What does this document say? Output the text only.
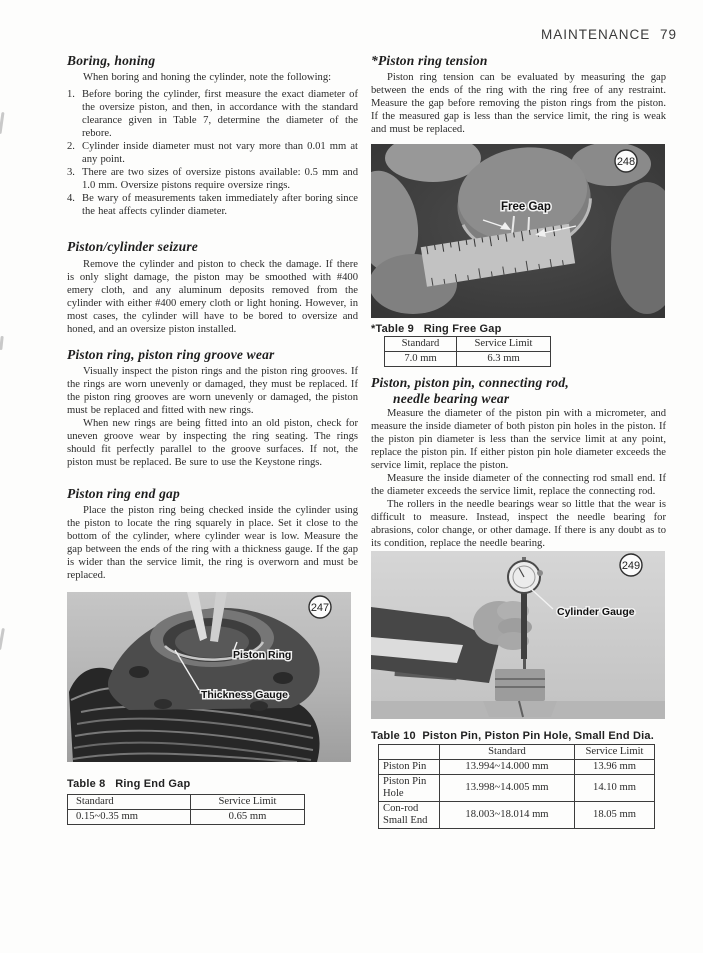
MAINTENANCE 79
Boring, honing

When boring and honing the cylinder, note the following:

1. Before boring the cylinder, first measure the exact diameter of the oversize piston, and then, in accordance with the standard clearance given in Table 7, determine the diameter of the rebore.
2. Cylinder inside diameter must not vary more than 0.01 mm at any point.
3. There are two sizes of oversize pistons available: 0.5 mm and 1.0 mm. Oversize pistons require oversize rings.
4. Be wary of measurements taken immediately after boring since the heat affects cylinder diameter.
Piston/cylinder seizure

Remove the cylinder and piston to check the damage. If there is only slight damage, the piston may be smoothed with #400 emery cloth, and any aluminum deposits removed from the cylinder with either #400 emery cloth or light honing. However, in most cases, the cylinder will have to be bored to oversize and honed, and an oversize piston installed.

Piston ring, piston ring groove wear

Visually inspect the piston rings and the piston ring grooves. If the rings are worn unevenly or damaged, they must be replaced. If the piston ring grooves are worn unevenly or damaged, the piston must be replaced and fitted with new rings.

When new rings are being fitted into an old piston, check for uneven groove wear by inspecting the ring seating. The rings should fit perfectly parallel to the groove surfaces. If not, the piston must be replaced. Be sure to use the Keystone rings.

Piston ring end gap

Place the piston ring being checked inside the cylinder using the piston to locate the ring squarely in place. Set it close to the bottom of the cylinder, where cylinder wear is low. Measure the gap between the ends of the ring with a thickness gauge. If the gap is wider than the service limit, the ring is overworn and must be replaced.

Piston Ring
Thickness Gauge
247
Table 8   Ring End Gap
Standard	Service Limit
0.15~0.35 mm	0.65 mm
*Piston ring tension

Piston ring tension can be evaluated by measuring the gap between the ends of the ring with the ring free of any restraint. Measure the gap before removing the piston rings from the piston. If the measured gap is less than the service limit, the ring is weak and must be replaced.

Free Gap
248
*Table 9   Ring Free Gap
Standard	Service Limit
7.0 mm	6.3 mm
Piston, piston pin, connecting rod,
needle bearing wear

Measure the diameter of the piston pin with a micrometer, and measure the inside diameter of both piston pin holes in the piston. If the piston pin diameter is less than the service limit at any point, replace the piston pin. If either piston pin hole diameter exceeds the service limit, replace the piston.

Measure the inside diameter of the connecting rod small end. If the diameter exceeds the service limit, replace the connecting rod.

The rollers in the needle bearings wear so little that the wear is difficult to measure. Instead, inspect the needle bearing for abrasions, color change, or other damage. If there is any doubt as to its condition, replace the needle bearing.

Cylinder Gauge
249
Table 10  Piston Pin, Piston Pin Hole, Small End Dia.
	Standard	Service Limit
Piston Pin	13.994~14.000 mm	13.96 mm
Piston Pin Hole	13.998~14.005 mm	14.10 mm
Con-rod Small End	18.003~18.014 mm	18.05 mm
